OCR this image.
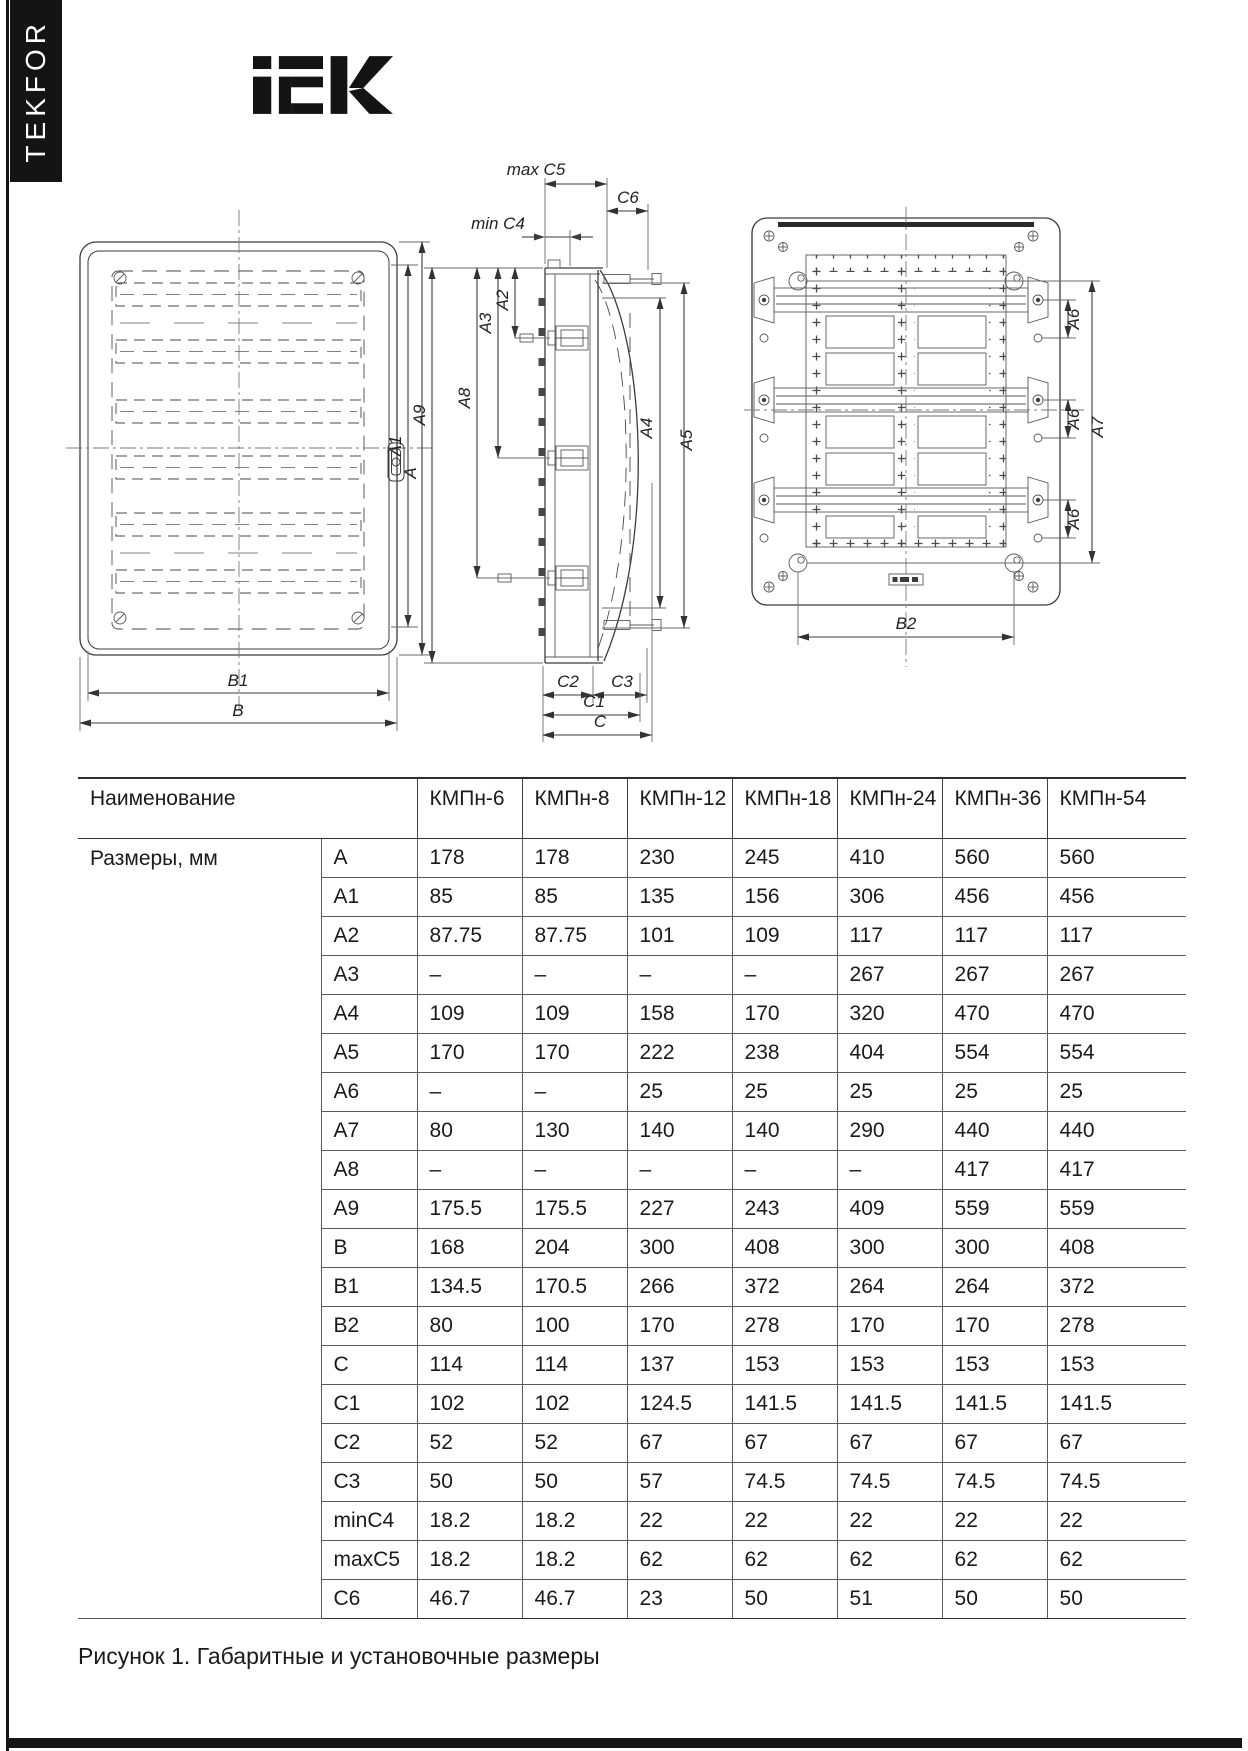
TEKFOR
A1
A
B1
B
max C5
C6
min C4
A9
A8
A3
A2
A4
A5
C2 C3
C1
C
A6
A6
A6
A7
B2
Наименование		КМПн-6	КМПн-8	КМПн-12	КМПн-18	КМПн-24	КМПн-36	КМПн-54
Размеры, мм	A	178	178	230	245	410	560	560
	A1	85	85	135	156	306	456	456
	A2	87.75	87.75	101	109	117	117	117
	A3	–	–	–	–	267	267	267
	A4	109	109	158	170	320	470	470
	A5	170	170	222	238	404	554	554
	A6	–	–	25	25	25	25	25
	A7	80	130	140	140	290	440	440
	A8	–	–	–	–	–	417	417
	A9	175.5	175.5	227	243	409	559	559
	B	168	204	300	408	300	300	408
	B1	134.5	170.5	266	372	264	264	372
	B2	80	100	170	278	170	170	278
	C	114	114	137	153	153	153	153
	C1	102	102	124.5	141.5	141.5	141.5	141.5
	C2	52	52	67	67	67	67	67
	C3	50	50	57	74.5	74.5	74.5	74.5
	minC4	18.2	18.2	22	22	22	22	22
	maxC5	18.2	18.2	62	62	62	62	62
	C6	46.7	46.7	23	50	51	50	50
Рисунок 1. Габаритные и установочные размеры
